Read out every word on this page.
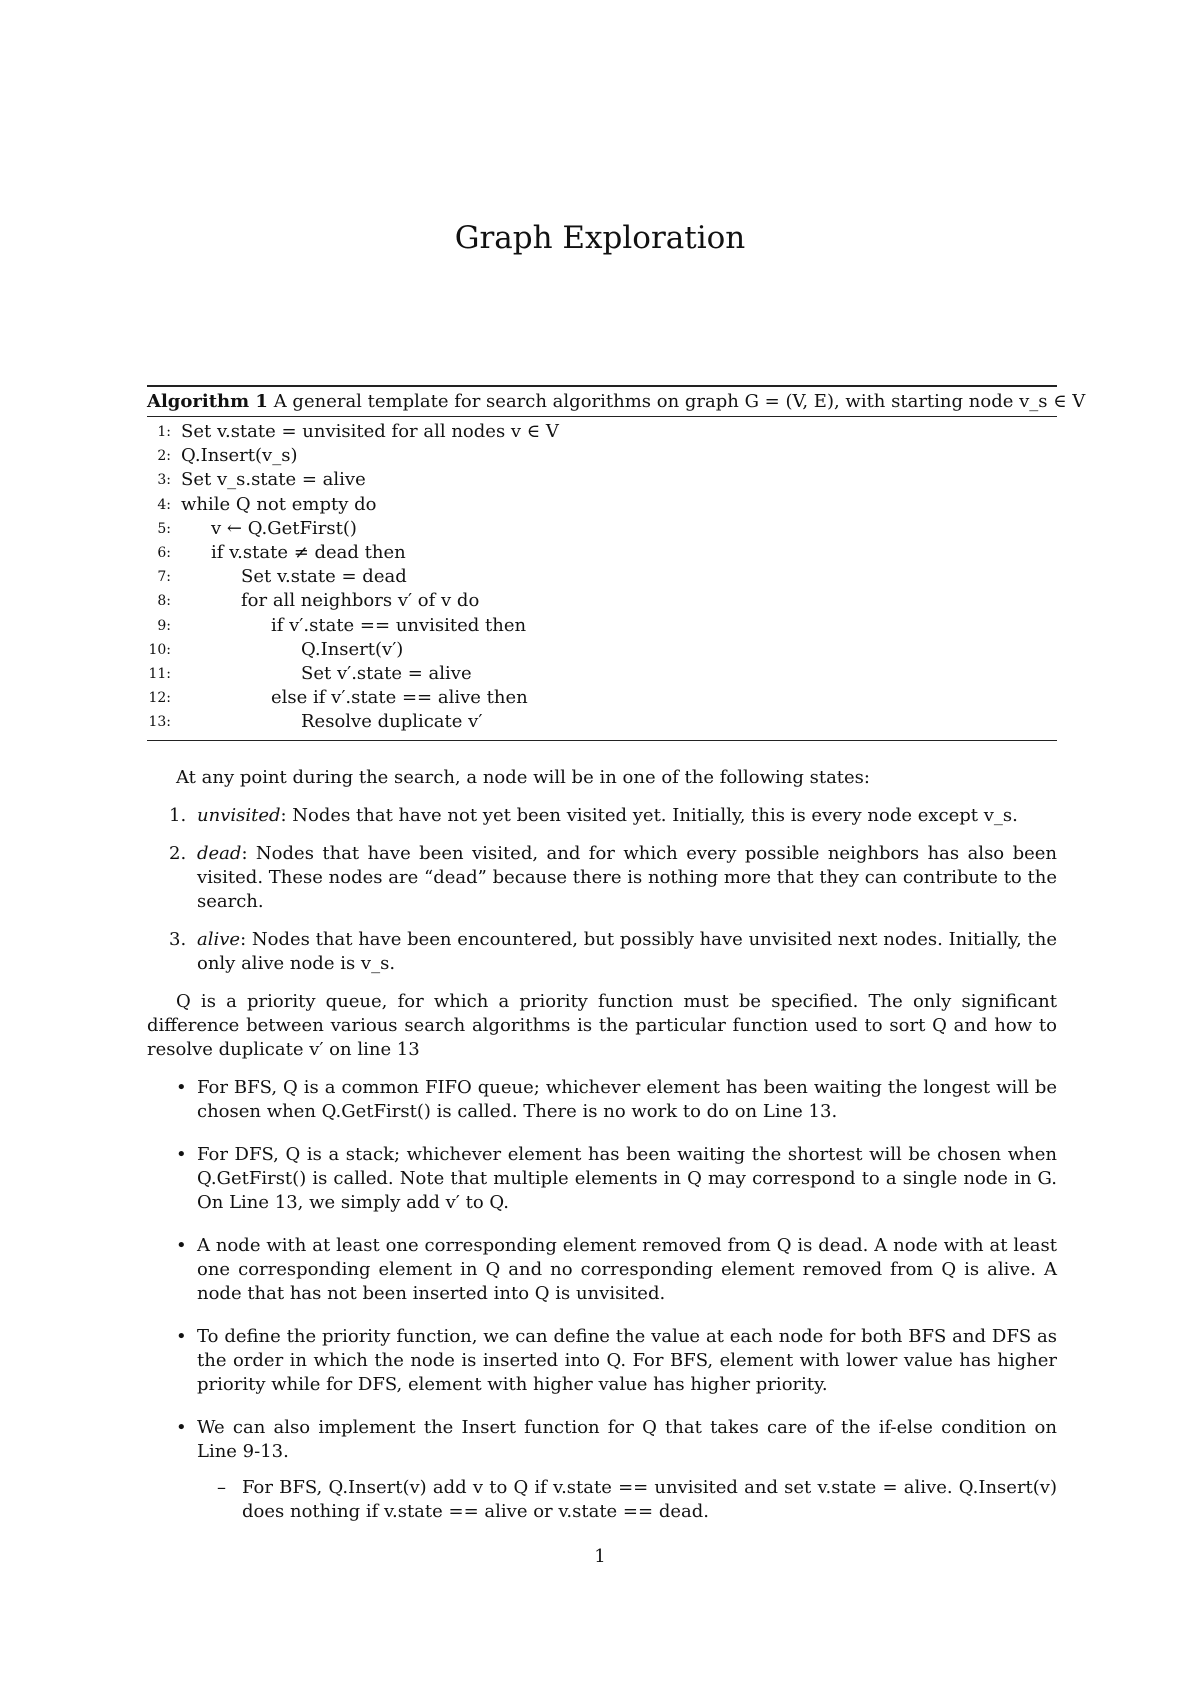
Graph Exploration
Algorithm 1 A general template for search algorithms on graph G = (V, E), with starting node v_s ∈ V
1: Set v.state = unvisited for all nodes v ∈ V
2: Q.Insert(v_s)
3: Set v_s.state = alive
4: while Q not empty do
5: v ← Q.GetFirst()
6: if v.state ≠ dead then
7:	Set v.state = dead
8:	for all neighbors v′ of v do
9:	if v′.state == unvisited then
10:	Q.Insert(v′)
11:	Set v′.state = alive
12:	else if v′.state == alive then
13:	Resolve duplicate v′

At any point during the search, a node will be in one of the following states:

1. unvisited: Nodes that have not yet been visited yet. Initially, this is every node except v_s.
2. dead: Nodes that have been visited, and for which every possible neighbors has also been visited. These nodes are “dead” because there is nothing more that they can contribute to the search.
3. alive: Nodes that have been encountered, but possibly have unvisited next nodes. Initially, the only alive node is v_s.

Q is a priority queue, for which a priority function must be specified. The only significant difference between various search algorithms is the particular function used to sort Q and how to resolve duplicate v′ on line 13

• For BFS, Q is a common FIFO queue; whichever element has been waiting the longest will be chosen when Q.GetFirst() is called. There is no work to do on Line 13.
• For DFS, Q is a stack; whichever element has been waiting the shortest will be chosen when Q.GetFirst() is called. Note that multiple elements in Q may correspond to a single node in G. On Line 13, we simply add v′ to Q.
• A node with at least one corresponding element removed from Q is dead. A node with at least one corresponding element in Q and no corresponding element removed from Q is alive. A node that has not been inserted into Q is unvisited.
• To define the priority function, we can define the value at each node for both BFS and DFS as the order in which the node is inserted into Q. For BFS, element with lower value has higher priority while for DFS, element with higher value has higher priority.
• We can also implement the Insert function for Q that takes care of the if-else condition on Line 9-13.
– For BFS, Q.Insert(v) add v to Q if v.state == unvisited and set v.state = alive. Q.Insert(v) does nothing if v.state == alive or v.state == dead.
1
